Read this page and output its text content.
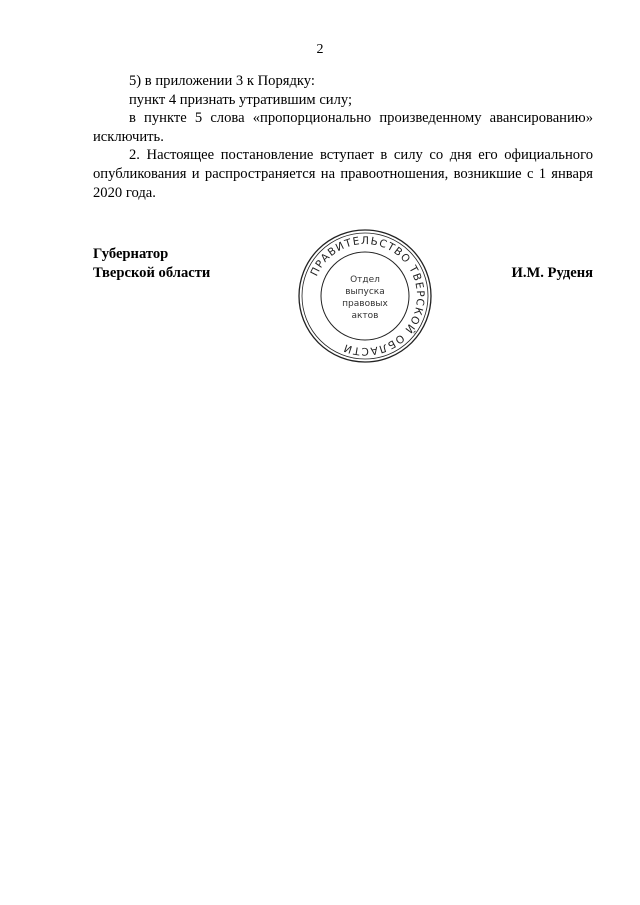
2

5) в приложении 3 к Порядку:

пункт 4 признать утратившим силу;

в пункте 5 слова «пропорционально произведенному авансированию» исключить.

2. Настоящее постановление вступает в силу со дня его официального опубликования и распространяется на правоотношения, возникшие с 1 января 2020 года.

Губернатор
Тверской области	И.М. Руденя
ПРАВИТЕЛЬСТВО ТВЕРСКОЙ ОБЛАСТИ
Отдел
выпуска
правовых
актов
